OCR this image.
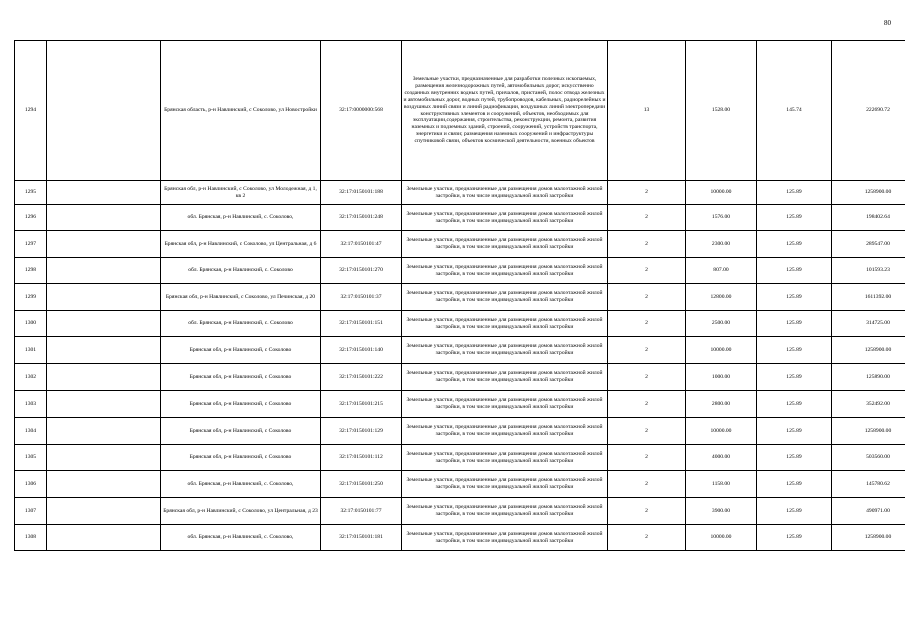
80
1294		Брянская область, р-н Навлинский, с Соколово, ул Новостройки	32:17:0000000:568	Земельные участки, предназначенные для разработки полезных ископаемых, размещения железнодорожных путей, автомобильных дорог, искусственно созданных внутренних водных путей, причалов, пристаней, полос отвода железных и автомобильных дорог, водных путей, трубопроводов, кабельных, радиорелейных и воздушных линий связи и линий радиофикации, воздушных линий электропередачи конструктивных элементов и сооружений, объектов, необходимых для эксплуатации,содержания, строительства, реконструкции, ремонта, развития наземных и подземных зданий, строений, сооружений, устройств транспорта, энергетики и связи; размещения наземных сооружений и инфраструктуры спутниковой связи, объектов космической деятельности, военных объектов	13	1528.00	145.74	222690.72
1295		Брянская обл, р-н Навлинский, с Соколово, ул Молодежная, д 1, кв 2	32:17:0150101:188	Земельные участки, предназначенные для размещения домов малоэтажной жилой застройки, в том числе индивидуальной жилой застройки	2	10000.00	125.89	1258900.00
1296		обл. Брянская, р-н Навлинский, с. Соколово,	32:17:0150101:248	Земельные участки, предназначенные для размещения домов малоэтажной жилой застройки, в том числе индивидуальной жилой застройки	2	1576.00	125.89	198402.64
1297		Брянская обл, р-н Навлинский, с Соколово, ул Центральная, д 6	32:17:0150101:47	Земельные участки, предназначенные для размещения домов малоэтажной жилой застройки, в том числе индивидуальной жилой застройки	2	2300.00	125.89	289547.00
1298		обл. Брянская, р-н Навлинский, с. Соколово	32:17:0150101:270	Земельные участки, предназначенные для размещения домов малоэтажной жилой застройки, в том числе индивидуальной жилой застройки	2	807.00	125.89	101593.23
1299		Брянская обл, р-н Навлинский, с Соколово, ул Печинская, д 20	32:17:0150101:37	Земельные участки, предназначенные для размещения домов малоэтажной жилой застройки, в том числе индивидуальной жилой застройки	2	12800.00	125.89	1611392.00
1300		обл. Брянская, р-н Навлинский, с. Соколово	32:17:0150101:151	Земельные участки, предназначенные для размещения домов малоэтажной жилой застройки, в том числе индивидуальной жилой застройки	2	2500.00	125.89	314725.00
1301		Брянская обл, р-н Навлинский, с Соколово	32:17:0150101:140	Земельные участки, предназначенные для размещения домов малоэтажной жилой застройки, в том числе индивидуальной жилой застройки	2	10000.00	125.89	1258900.00
1302		Брянская обл, р-н Навлинский, с Соколово	32:17:0150101:222	Земельные участки, предназначенные для размещения домов малоэтажной жилой застройки, в том числе индивидуальной жилой застройки	2	1000.00	125.89	125890.00
1303		Брянская обл, р-н Навлинский, с Соколово	32:17:0150101:215	Земельные участки, предназначенные для размещения домов малоэтажной жилой застройки, в том числе индивидуальной жилой застройки	2	2800.00	125.89	352492.00
1304		Брянская обл, р-н Навлинский, с Соколово	32:17:0150101:129	Земельные участки, предназначенные для размещения домов малоэтажной жилой застройки, в том числе индивидуальной жилой застройки	2	10000.00	125.89	1258900.00
1305		Брянская обл, р-н Навлинский, с Соколово	32:17:0150101:112	Земельные участки, предназначенные для размещения домов малоэтажной жилой застройки, в том числе индивидуальной жилой застройки	2	4000.00	125.89	503560.00
1306		обл. Брянская, р-н Навлинский, с. Соколово,	32:17:0150101:250	Земельные участки, предназначенные для размещения домов малоэтажной жилой застройки, в том числе индивидуальной жилой застройки	2	1158.00	125.89	145780.62
1307		Брянская обл, р-н Навлинский, с Соколово, ул Центральная, д 23	32:17:0150101:77	Земельные участки, предназначенные для размещения домов малоэтажной жилой застройки, в том числе индивидуальной жилой застройки	2	3900.00	125.89	490971.00
1308		обл. Брянская, р-н Навлинский, с. Соколово,	32:17:0150101:181	Земельные участки, предназначенные для размещения домов малоэтажной жилой застройки, в том числе индивидуальной жилой застройки	2	10000.00	125.89	1258900.00
